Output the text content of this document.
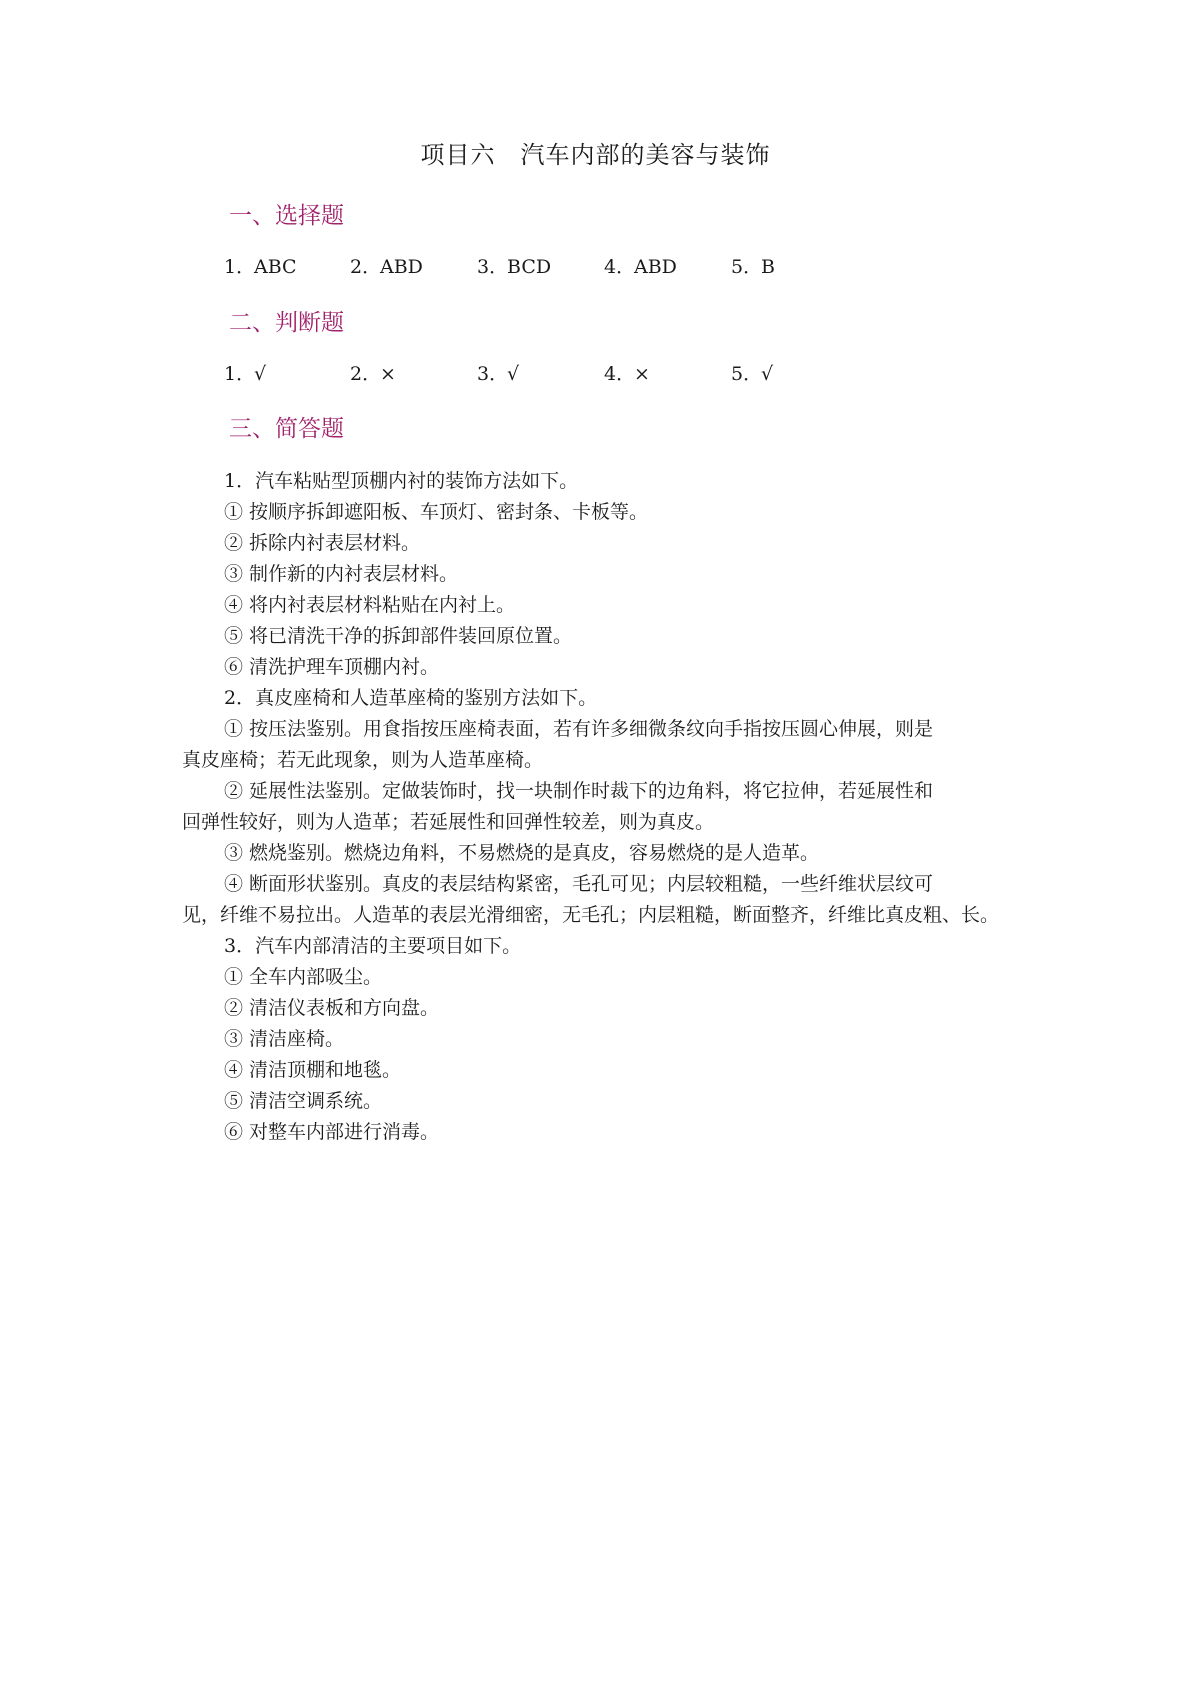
项目六　汽车内部的美容与装饰
一、选择题
1．ABC	2．ABD	3．BCD	4．ABD	5．B
二、判断题
1．√	2．×	3．√	4．×	5．√
三、简答题
1．汽车粘贴型顶棚内衬的装饰方法如下。
① 按顺序拆卸遮阳板、车顶灯、密封条、卡板等。
② 拆除内衬表层材料。
③ 制作新的内衬表层材料。
④ 将内衬表层材料粘贴在内衬上。
⑤ 将已清洗干净的拆卸部件装回原位置。
⑥ 清洗护理车顶棚内衬。
2．真皮座椅和人造革座椅的鉴别方法如下。
① 按压法鉴别。用食指按压座椅表面，若有许多细微条纹向手指按压圆心伸展，则是
真皮座椅；若无此现象，则为人造革座椅。
② 延展性法鉴别。定做装饰时，找一块制作时裁下的边角料，将它拉伸，若延展性和
回弹性较好，则为人造革；若延展性和回弹性较差，则为真皮。
③ 燃烧鉴别。燃烧边角料，不易燃烧的是真皮，容易燃烧的是人造革。
④ 断面形状鉴别。真皮的表层结构紧密，毛孔可见；内层较粗糙，一些纤维状层纹可
见，纤维不易拉出。人造革的表层光滑细密，无毛孔；内层粗糙，断面整齐，纤维比真皮粗、长。
3．汽车内部清洁的主要项目如下。
① 全车内部吸尘。
② 清洁仪表板和方向盘。
③ 清洁座椅。
④ 清洁顶棚和地毯。
⑤ 清洁空调系统。
⑥ 对整车内部进行消毒。
